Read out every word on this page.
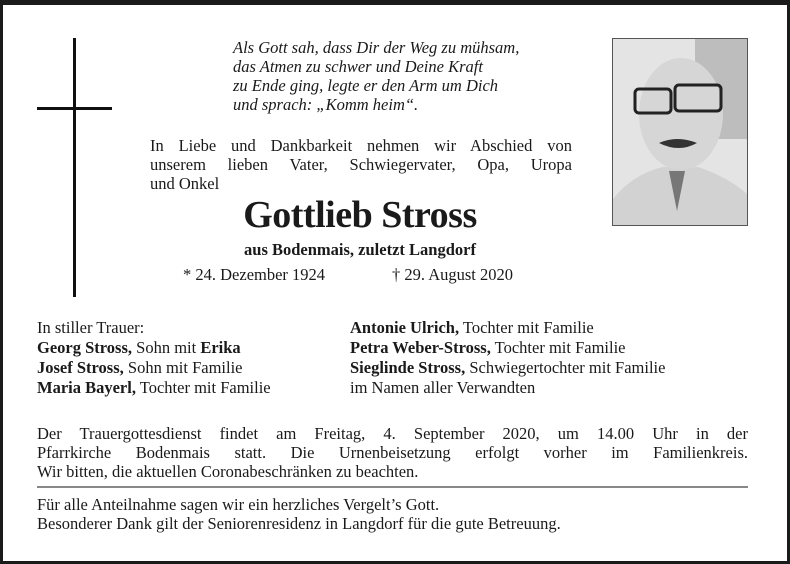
Als Gott sah, dass Dir der Weg zu mühsam,
das Atmen zu schwer und Deine Kraft
zu Ende ging, legte er den Arm um Dich
und sprach: „Komm heim“.
In Liebe und Dankbarkeit nehmen wir Abschied von
unserem lieben Vater, Schwiegervater, Opa, Uropa
und Onkel
Gottlieb Stross
aus Bodenmais, zuletzt Langdorf
* 24. Dezember 1924	† 29. August 2020
In stiller Trauer:
Georg Stross, Sohn mit Erika
Josef Stross, Sohn mit Familie
Maria Bayerl, Tochter mit Familie
Antonie Ulrich, Tochter mit Familie
Petra Weber-Stross, Tochter mit Familie
Sieglinde Stross, Schwiegertochter mit Familie
im Namen aller Verwandten
Der Trauergottesdienst findet am Freitag, 4. September 2020, um 14.00 Uhr in der
Pfarrkirche Bodenmais statt. Die Urnenbeisetzung erfolgt vorher im Familienkreis.
Wir bitten, die aktuellen Coronabeschränken zu beachten.
Für alle Anteilnahme sagen wir ein herzliches Vergelt’s Gott.
Besonderer Dank gilt der Seniorenresidenz in Langdorf für die gute Betreuung.
